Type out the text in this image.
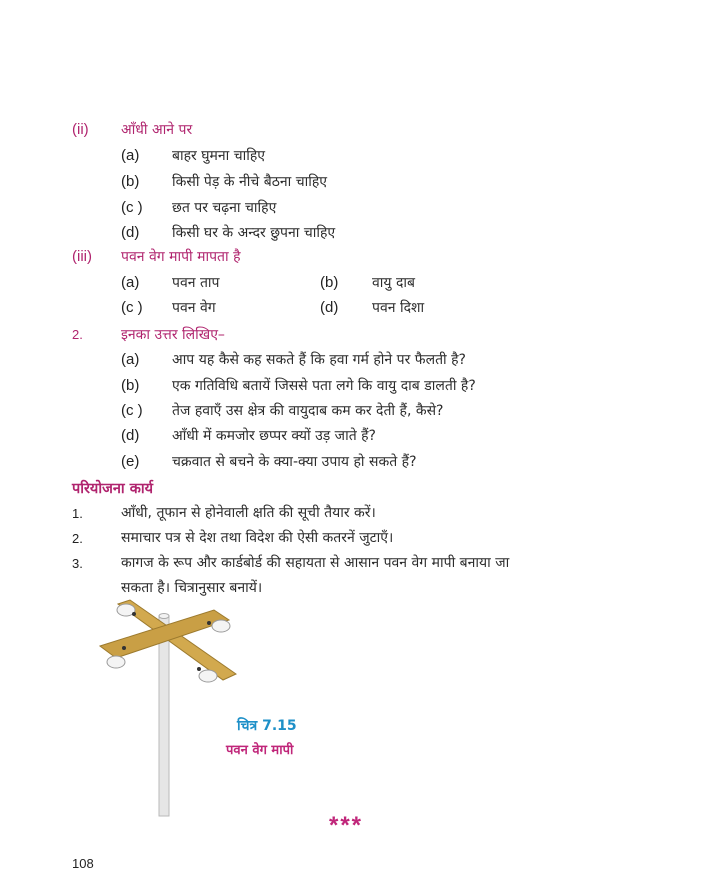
(ii) आँधी आने पर
(a) बाहर घुमना चाहिए
(b) किसी पेड़ के नीचे बैठना चाहिए
(c ) छत पर चढ़ना चाहिए
(d) किसी घर के अन्दर छुपना चाहिए
(iii) पवन वेग मापी मापता है
(a) पवन ताप	(b) वायु दाब
(c ) पवन वेग	(d) पवन दिशा
2.	इनका उत्तर लिखिए–
(a) आप यह कैसे कह सकते हैं कि हवा गर्म होने पर फैलती है?
(b) एक गतिविधि बतायें जिससे पता लगे कि वायु दाब डालती है?
(c ) तेज हवाएँ उस क्षेत्र की वायुदाब कम कर देती हैं, कैसे?
(d) आँधी में कमजोर छप्पर क्यों उड़ जाते हैं?
(e) चक्रवात से बचने के क्या-क्या उपाय हो सकते हैं?
परियोजना कार्य
1.	आँधी, तूफान से होनेवाली क्षति की सूची तैयार करें।
2.	समाचार पत्र से देश तथा विदेश की ऐसी कतरनें जुटाएँ।
3.	कागज के रूप और कार्डबोर्ड की सहायता से आसान पवन वेग मापी बनाया जा
सकता है। चित्रानुसार बनायें।
चित्र 7.15
पवन वेग मापी
***
108
